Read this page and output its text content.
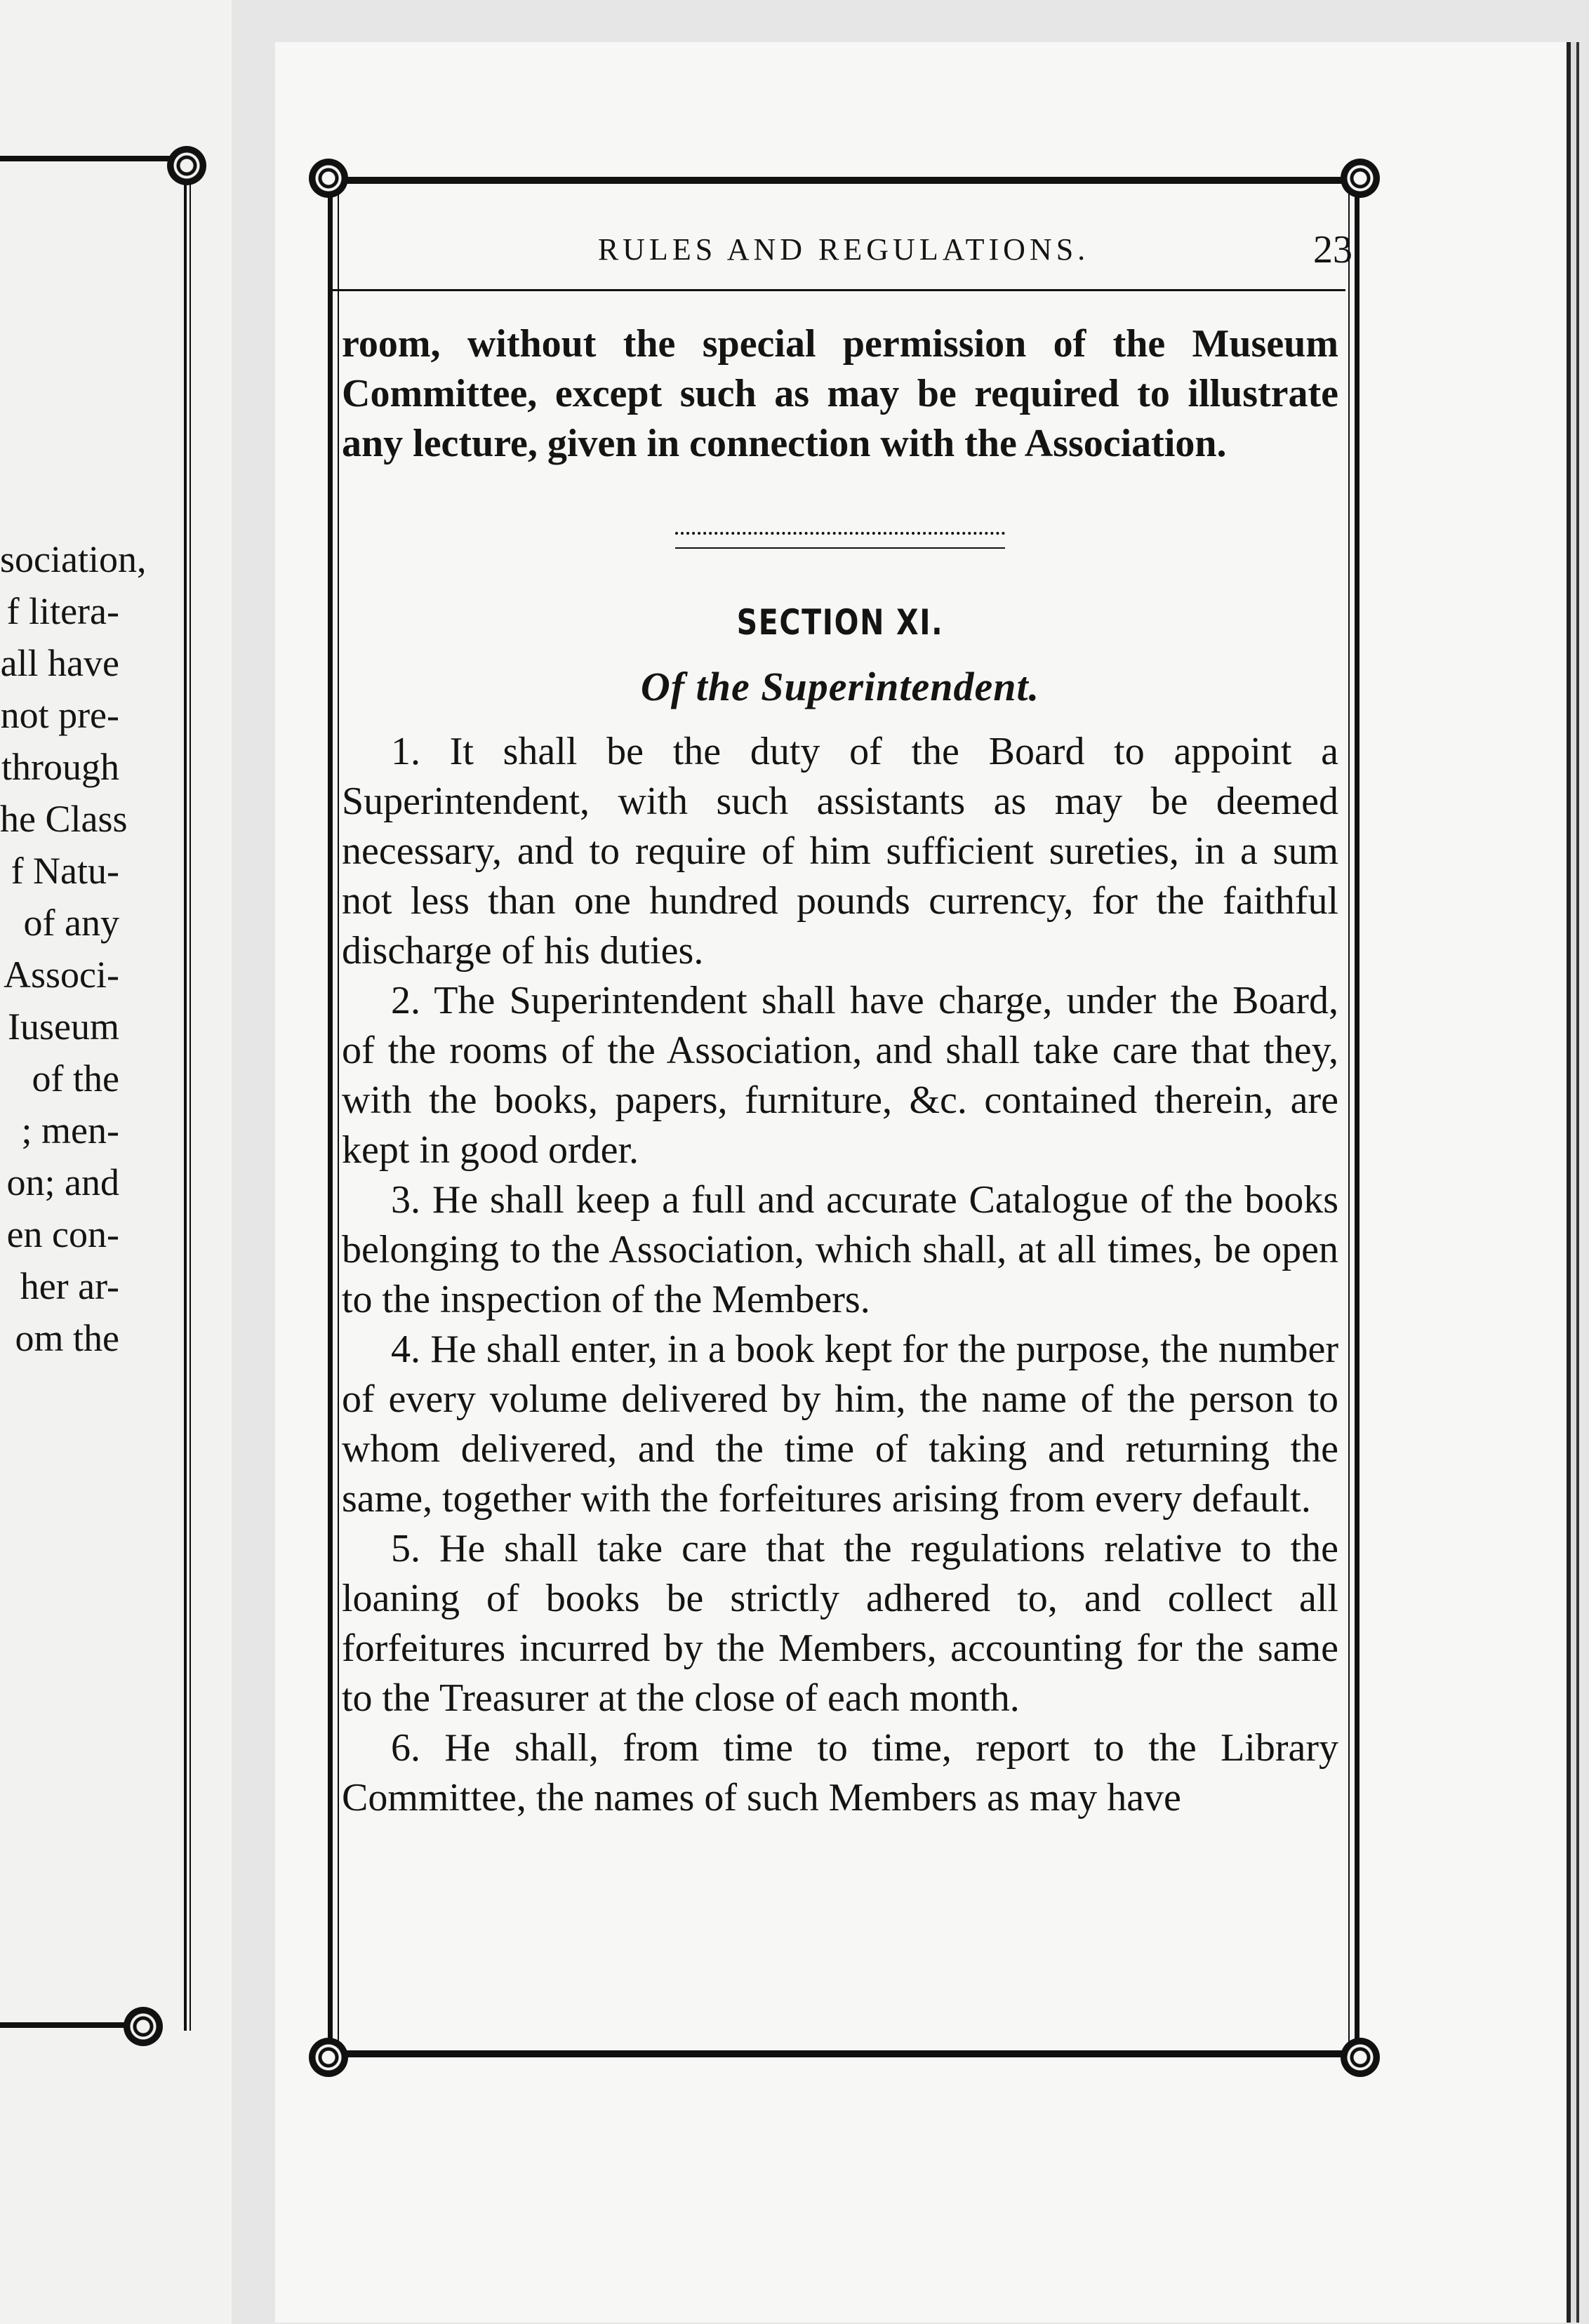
sociation,
f litera-
all have
not pre-
through
he Class
f Natu-
of any
Associ-
Iuseum
of the
; men-
on; and
en con-
her ar-
om the
RULES AND REGULATIONS.	23

room, without the special permission of the Museum Committee, except such as may be required to illustrate any lecture, given in connection with the Association.

SECTION XI.
Of the Superintendent.

1. It shall be the duty of the Board to appoint a Superintendent, with such assistants as may be deemed necessary, and to require of him sufficient sureties, in a sum not less than one hundred pounds currency, for the faithful discharge of his duties.

2. The Superintendent shall have charge, under the Board, of the rooms of the Association, and shall take care that they, with the books, papers, furniture, &c. contained therein, are kept in good order.

3. He shall keep a full and accurate Catalogue of the books belonging to the Association, which shall, at all times, be open to the inspection of the Members.

4. He shall enter, in a book kept for the purpose, the number of every volume delivered by him, the name of the person to whom delivered, and the time of taking and returning the same, together with the forfeitures arising from every default.

5. He shall take care that the regulations relative to the loaning of books be strictly adhered to, and collect all forfeitures incurred by the Members, accounting for the same to the Treasurer at the close of each month.

6. He shall, from time to time, report to the Library Committee, the names of such Members as may have
